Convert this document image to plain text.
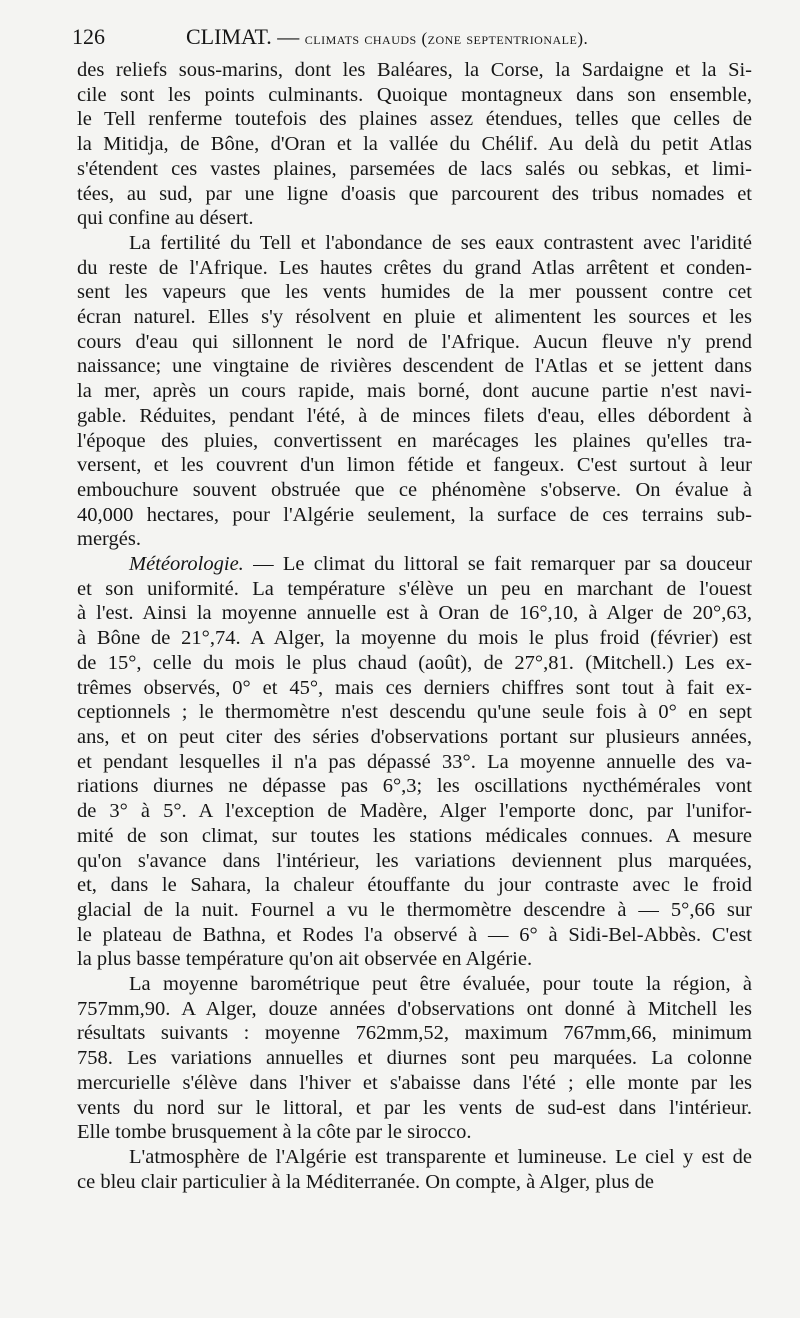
126	CLIMAT. — climats chauds (zone septentrionale).

des reliefs sous-marins, dont les Baléares, la Corse, la Sardaigne et la Si-
cile sont les points culminants. Quoique montagneux dans son ensemble,
le Tell renferme toutefois des plaines assez étendues, telles que celles de
la Mitidja, de Bône, d'Oran et la vallée du Chélif. Au delà du petit Atlas
s'étendent ces vastes plaines, parsemées de lacs salés ou sebkas, et limi-
tées, au sud, par une ligne d'oasis que parcourent des tribus nomades et
qui confine au désert.

La fertilité du Tell et l'abondance de ses eaux contrastent avec l'aridité
du reste de l'Afrique. Les hautes crêtes du grand Atlas arrêtent et conden-
sent les vapeurs que les vents humides de la mer poussent contre cet
écran naturel. Elles s'y résolvent en pluie et alimentent les sources et les
cours d'eau qui sillonnent le nord de l'Afrique. Aucun fleuve n'y prend
naissance; une vingtaine de rivières descendent de l'Atlas et se jettent dans
la mer, après un cours rapide, mais borné, dont aucune partie n'est navi-
gable. Réduites, pendant l'été, à de minces filets d'eau, elles débordent à
l'époque des pluies, convertissent en marécages les plaines qu'elles tra-
versent, et les couvrent d'un limon fétide et fangeux. C'est surtout à leur
embouchure souvent obstruée que ce phénomène s'observe. On évalue à
40,000 hectares, pour l'Algérie seulement, la surface de ces terrains sub-
mergés.

Météorologie. — Le climat du littoral se fait remarquer par sa douceur
et son uniformité. La température s'élève un peu en marchant de l'ouest
à l'est. Ainsi la moyenne annuelle est à Oran de 16°,10, à Alger de 20°,63,
à Bône de 21°,74. A Alger, la moyenne du mois le plus froid (février) est
de 15°, celle du mois le plus chaud (août), de 27°,81. (Mitchell.) Les ex-
trêmes observés, 0° et 45°, mais ces derniers chiffres sont tout à fait ex-
ceptionnels ; le thermomètre n'est descendu qu'une seule fois à 0° en sept
ans, et on peut citer des séries d'observations portant sur plusieurs années,
et pendant lesquelles il n'a pas dépassé 33°. La moyenne annuelle des va-
riations diurnes ne dépasse pas 6°,3; les oscillations nycthémérales vont
de 3° à 5°. A l'exception de Madère, Alger l'emporte donc, par l'unifor-
mité de son climat, sur toutes les stations médicales connues. A mesure
qu'on s'avance dans l'intérieur, les variations deviennent plus marquées,
et, dans le Sahara, la chaleur étouffante du jour contraste avec le froid
glacial de la nuit. Fournel a vu le thermomètre descendre à — 5°,66 sur
le plateau de Bathna, et Rodes l'a observé à — 6° à Sidi-Bel-Abbès. C'est
la plus basse température qu'on ait observée en Algérie.

La moyenne barométrique peut être évaluée, pour toute la région, à
757mm,90. A Alger, douze années d'observations ont donné à Mitchell les
résultats suivants : moyenne 762mm,52, maximum 767mm,66, minimum
758. Les variations annuelles et diurnes sont peu marquées. La colonne
mercurielle s'élève dans l'hiver et s'abaisse dans l'été ; elle monte par les
vents du nord sur le littoral, et par les vents de sud-est dans l'intérieur.
Elle tombe brusquement à la côte par le sirocco.

L'atmosphère de l'Algérie est transparente et lumineuse. Le ciel y est de
ce bleu clair particulier à la Méditerranée. On compte, à Alger, plus de
